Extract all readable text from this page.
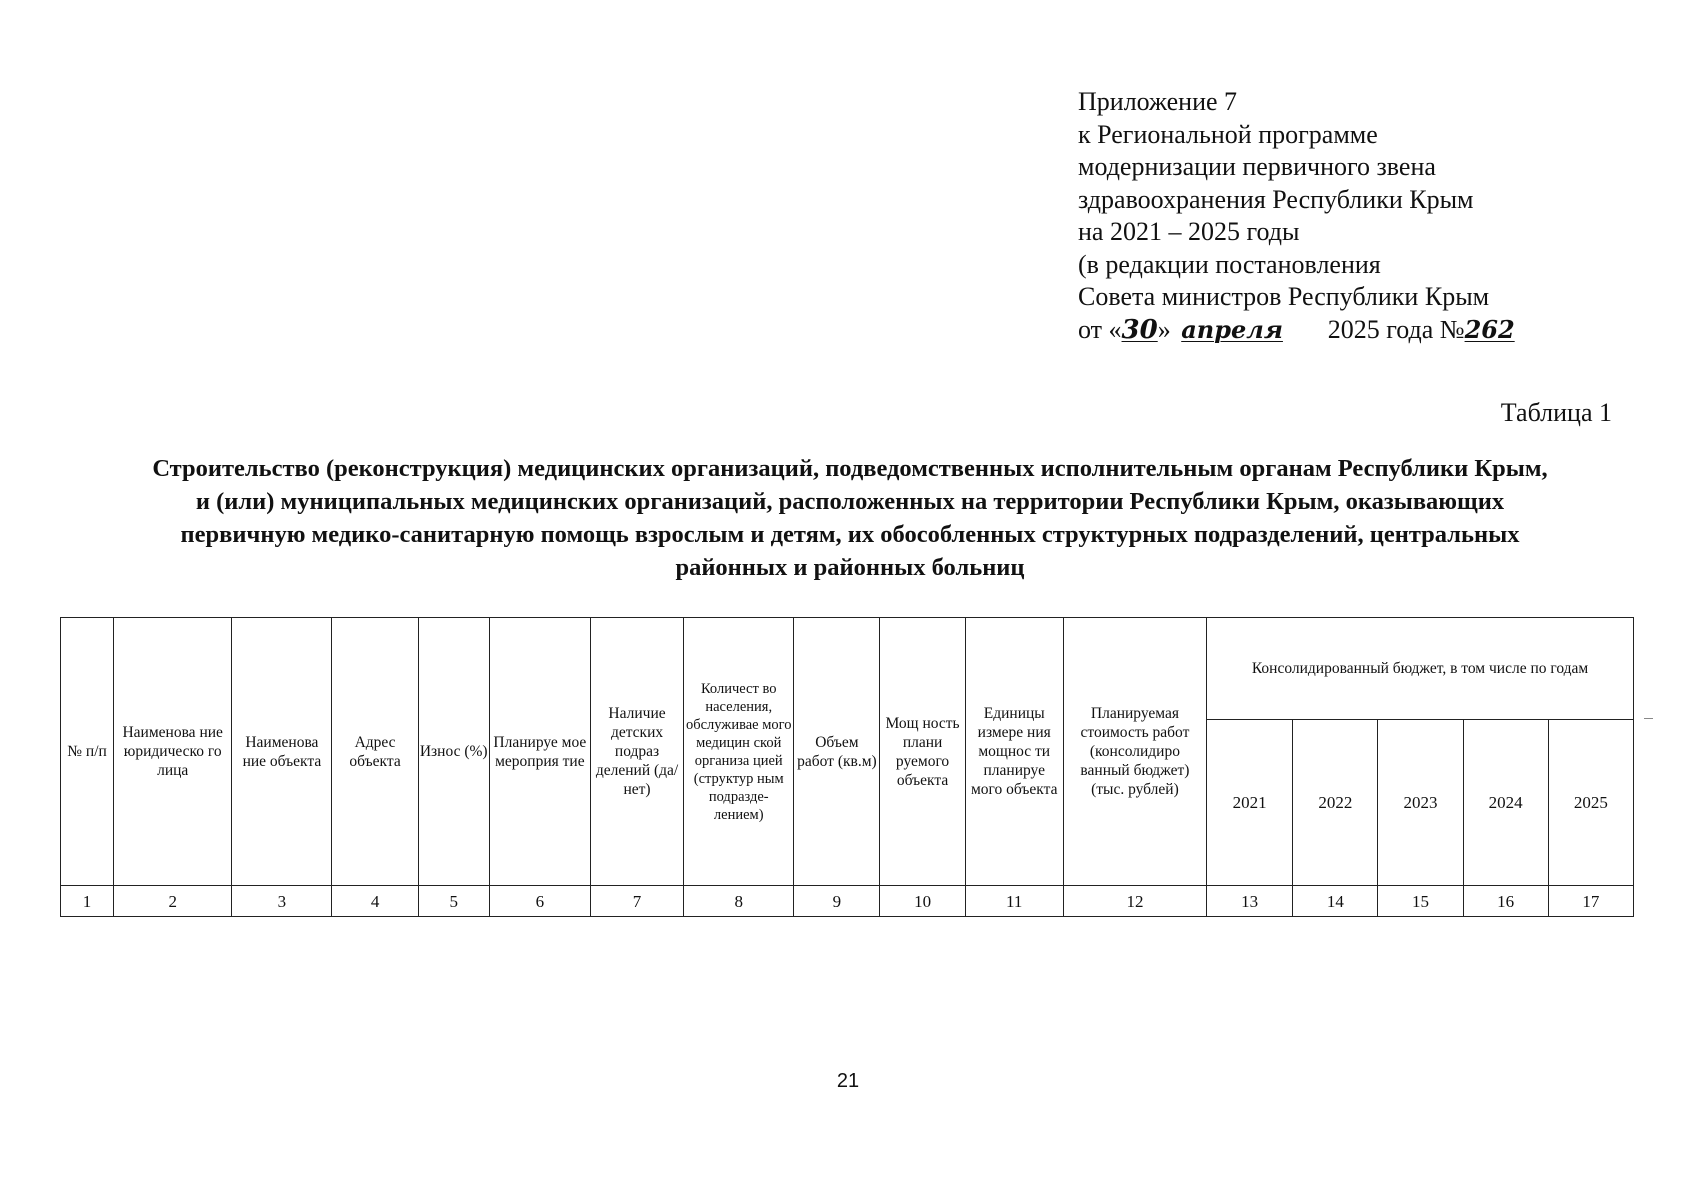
Приложение 7
к Региональной программе
модернизации первичного звена
здравоохранения Республики Крым
на 2021 – 2025 годы
(в редакции постановления
Совета министров Республики Крым
от «30» апреля 2025 года №262
Таблица 1
Строительство (реконструкция) медицинских организаций, подведомственных исполнительным органам Республики Крым,
и (или) муниципальных медицинских организаций, расположенных на территории Республики Крым, оказывающих
первичную медико-санитарную помощь взрослым и детям, их обособленных структурных подразделений, центральных
районных и районных больниц
№ п/п	Наименова ние юридическо го лица	Наименова ние объекта	Адрес объекта	Износ (%)	Планируе мое мероприя тие	Наличие детских подраз делений (да/нет)	Количест во населения, обслуживае мого медицин ской организа цией (структур ным подразде- лением)	Объем работ (кв.м)	Мощ ность плани руемого объекта	Единицы измере ния мощнос ти планируе мого объекта	Планируемая стоимость работ (консолидиро ванный бюджет) (тыс. рублей)	Консолидированный бюджет, в том числе по годам				
												2021	2022	2023	2024	2025
1	2	3	4	5	6	7	8	9	10	11	12	13	14	15	16	17
21
